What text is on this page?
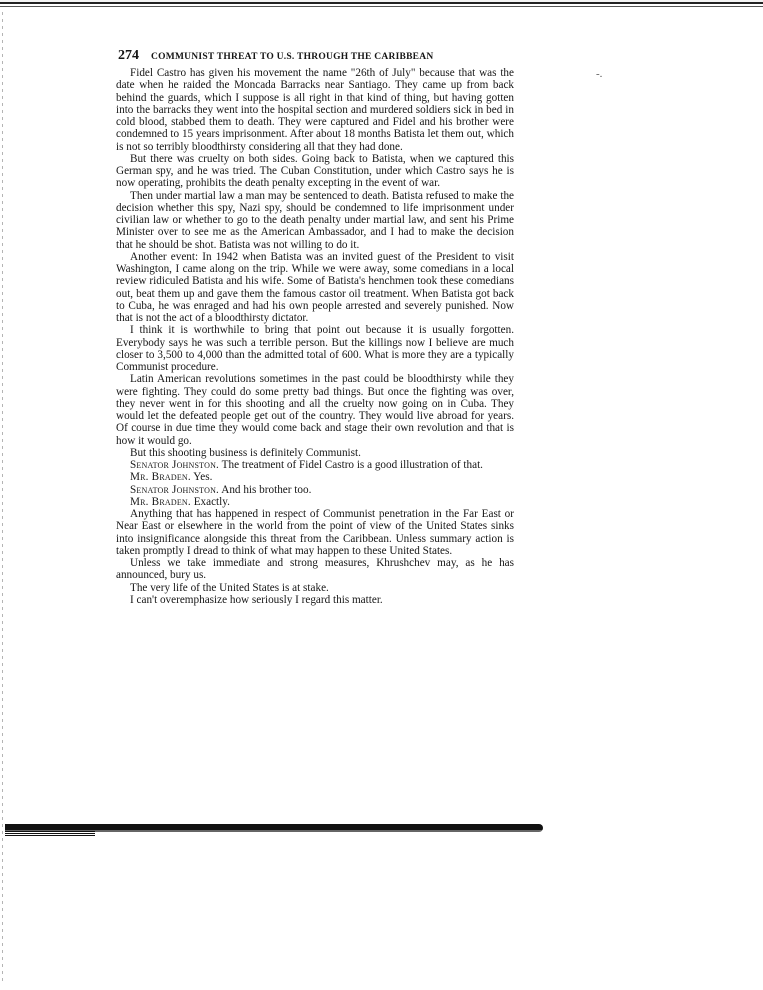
274 COMMUNIST THREAT TO U.S. THROUGH THE CARIBBEAN
-.

Fidel Castro has given his movement the name "26th of July" because that was the date when he raided the Moncada Barracks near Santiago. They came up from back behind the guards, which I suppose is all right in that kind of thing, but having gotten into the barracks they went into the hospital section and murdered soldiers sick in bed in cold blood, stabbed them to death. They were captured and Fidel and his brother were condemned to 15 years imprisonment. After about 18 months Batista let them out, which is not so terribly bloodthirsty considering all that they had done.

But there was cruelty on both sides. Going back to Batista, when we captured this German spy, and he was tried. The Cuban Constitution, under which Castro says he is now operating, prohibits the death penalty excepting in the event of war.

Then under martial law a man may be sentenced to death. Batista refused to make the decision whether this spy, Nazi spy, should be condemned to life imprisonment under civilian law or whether to go to the death penalty under martial law, and sent his Prime Minister over to see me as the American Ambassador, and I had to make the decision that he should be shot. Batista was not willing to do it.

Another event: In 1942 when Batista was an invited guest of the President to visit Washington, I came along on the trip. While we were away, some comedians in a local review ridiculed Batista and his wife. Some of Batista's henchmen took these comedians out, beat them up and gave them the famous castor oil treatment. When Batista got back to Cuba, he was enraged and had his own people arrested and severely punished. Now that is not the act of a bloodthirsty dictator.

I think it is worthwhile to bring that point out because it is usually forgotten. Everybody says he was such a terrible person. But the killings now I believe are much closer to 3,500 to 4,000 than the admitted total of 600. What is more they are a typically Communist procedure.

Latin American revolutions sometimes in the past could be bloodthirsty while they were fighting. They could do some pretty bad things. But once the fighting was over, they never went in for this shooting and all the cruelty now going on in Cuba. They would let the defeated people get out of the country. They would live abroad for years. Of course in due time they would come back and stage their own revolution and that is how it would go.

But this shooting business is definitely Communist.

Senator Johnston. The treatment of Fidel Castro is a good illustration of that.

Mr. Braden. Yes.

Senator Johnston. And his brother too.

Mr. Braden. Exactly.

Anything that has happened in respect of Communist penetration in the Far East or Near East or elsewhere in the world from the point of view of the United States sinks into insignificance alongside this threat from the Caribbean. Unless summary action is taken promptly I dread to think of what may happen to these United States.

Unless we take immediate and strong measures, Khrushchev may, as he has announced, bury us.

The very life of the United States is at stake.

I can't overemphasize how seriously I regard this matter.
